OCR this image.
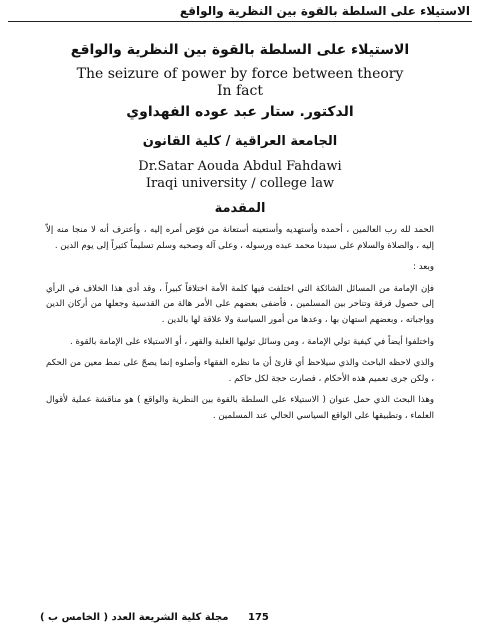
الاستيلاء على السلطة بالقوة بين النظرية والواقع
الاستيلاء على السلطة بالقوة بين النظرية والواقع
The seizure of power by force between theory
In fact
الدكتور. ستار عبد عوده الفهداوي
الجامعة العراقية / كلية القانون
Dr.Satar Aouda Abdul Fahdawi
Iraqi university / college law
المقدمة

الحمد لله رب العالمين ، أحمده وأستهديه وأستعينه أستعانة من فوّض أمره إليه ، وأعترف أنه لا منجا منه إلاّ إليه ، والصلاة والسلام على سيدنا محمد عبده ورسوله ، وعلى آله وصحبه وسلم تسليماً كثيراً إلى يوم الدين .

وبعد :

فإن الإمامة من المسائل الشائكة التي اختلفت فيها كلمة الأمة اختلافاً كبيراً ، وقد أدى هذا الخلاف في الرأي إلى حصول فرقة وتناحر بين المسلمين ، فأضفى بعضهم على الأمر هالة من القدسية وجعلها من أركان الدين وواجباته ، وبعضهم استهان بها ، وعدها من أمور السياسة ولا علاقة لها بالدين .

واختلفوا أيضاً في كيفية تولي الإمامة ، ومن وسائل توليها الغلبة والقهر ، أو الاستيلاء على الإمامة بالقوة .

والذي لاحظه الباحث والذي سيلاحظ أي قارئ أن ما نظره الفقهاء وأصلوه إنما يصحّ على نمط معين من الحكم ، ولكن جرى تعميم هذه الأحكام ، فصارت حجة لكل حاكم .

وهذا البحث الذي حمل عنوان ( الاستيلاء على السلطة بالقوة بين النظرية والواقع ) هو مناقشة عملية لأقوال العلماء ، وتطبيقها على الواقع السياسي الحالي عند المسلمين .

مجلة كلية الشريعة العدد ( الخامس ب ) 175
